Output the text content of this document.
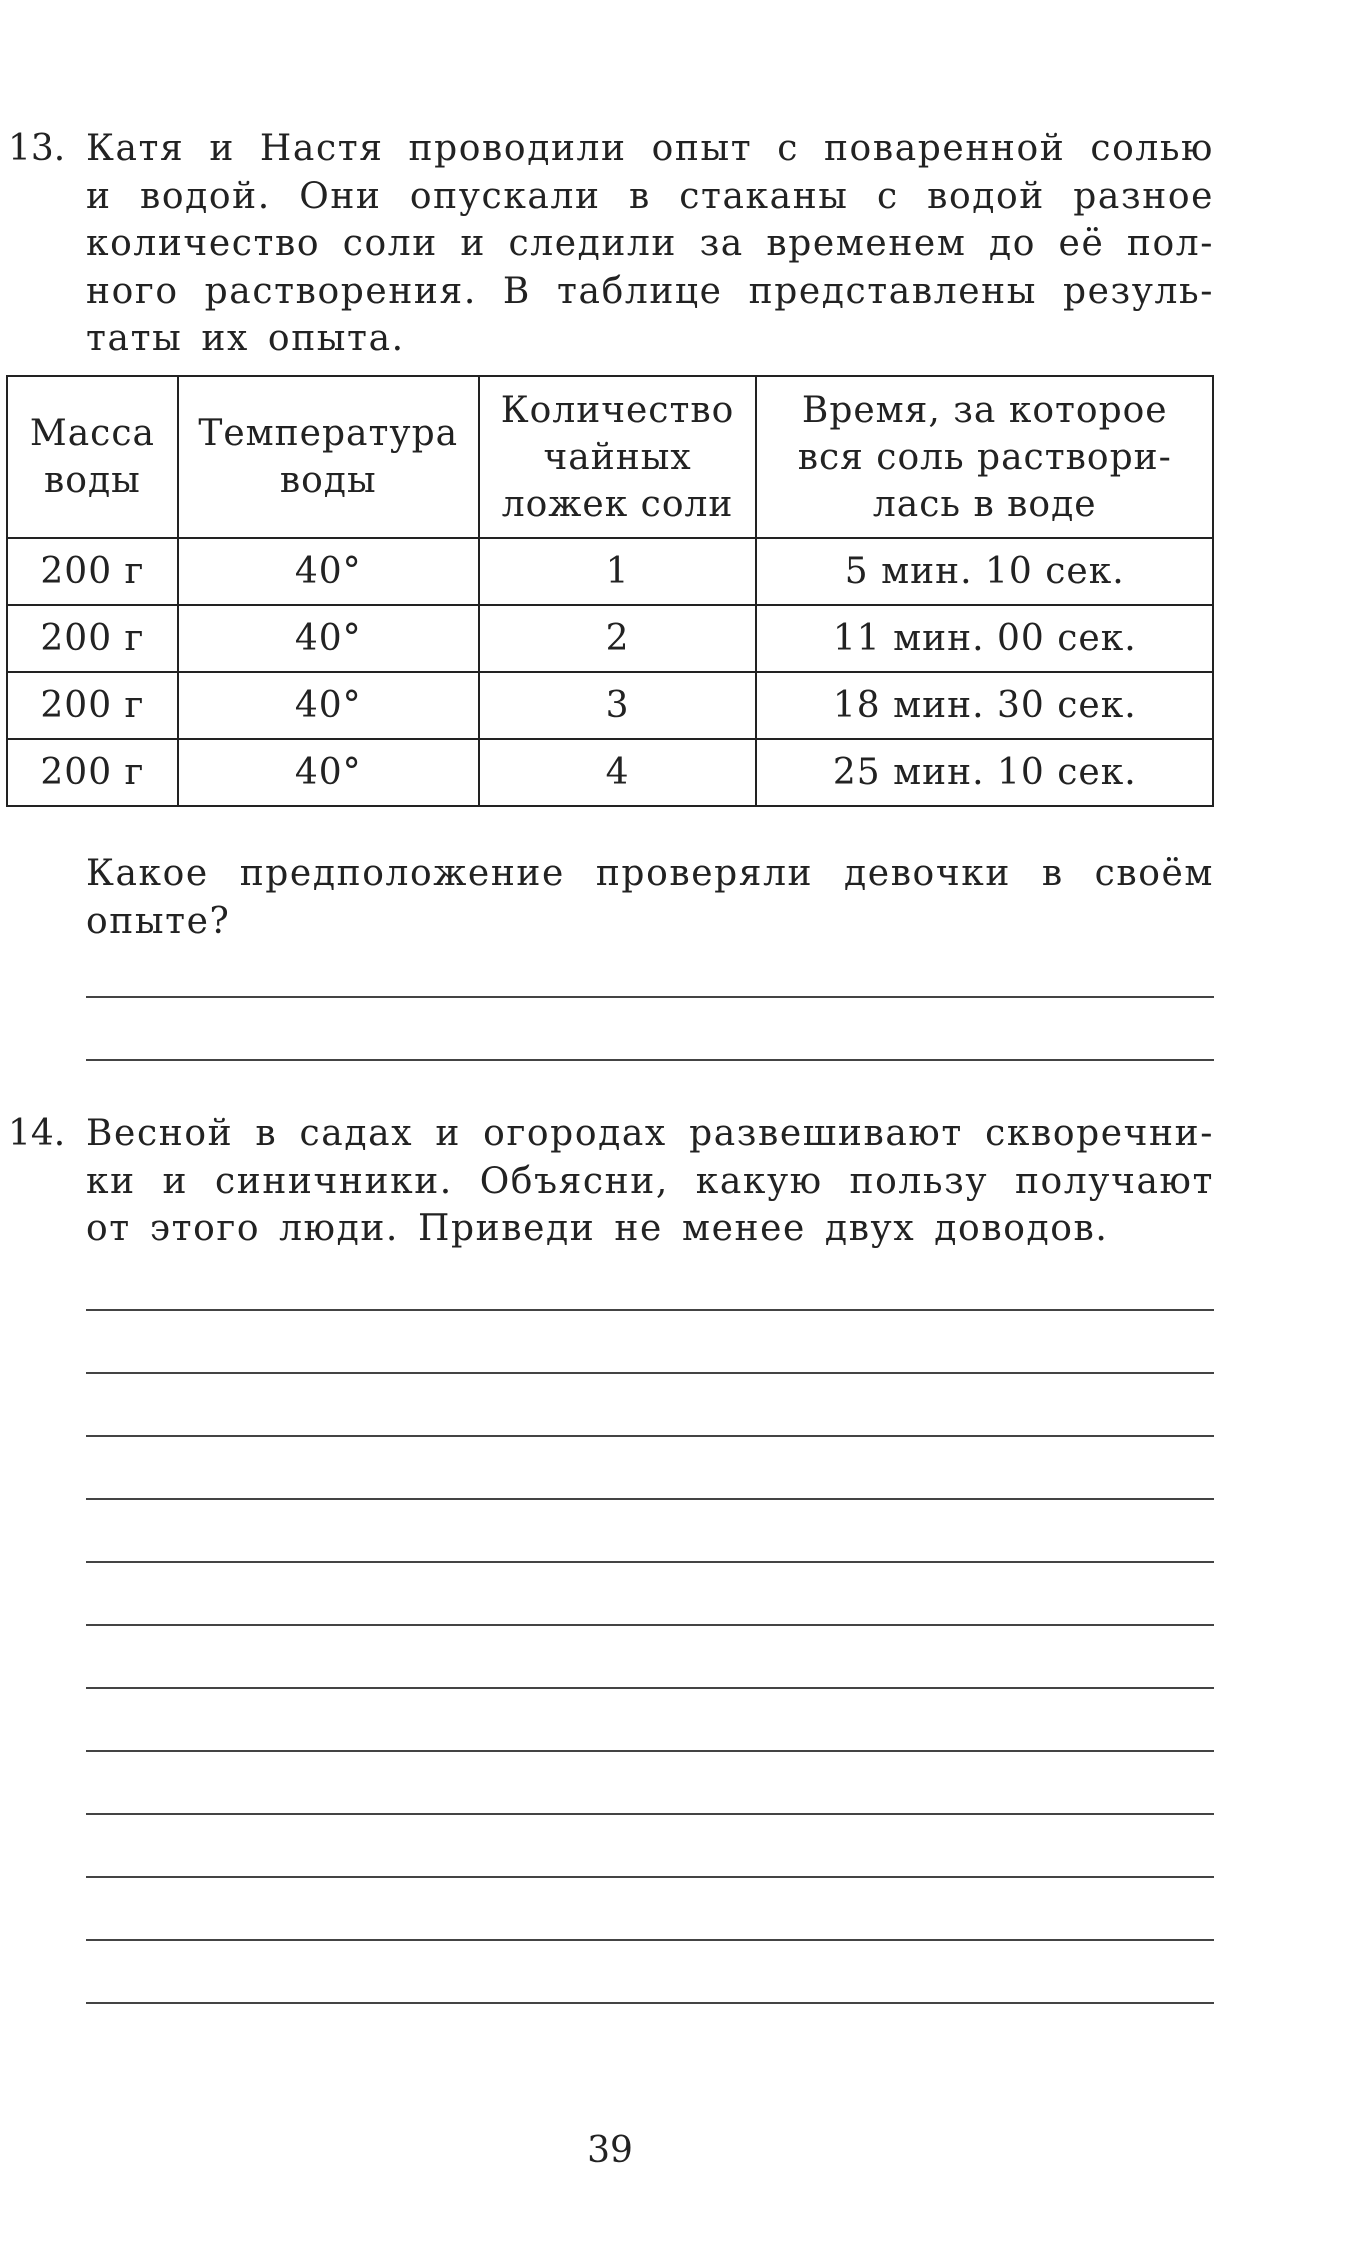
13. Катя и Настя проводили опыт с поваренной солью
и водой. Они опускали в стаканы с водой разное
количество соли и следили за временем до её пол-
ного растворения. В таблице представлены резуль-
таты их опыта.
Масса
воды	Температура
воды	Количество
чайных
ложек соли	Время, за которое
вся соль раствори-
лась в воде

200 г	40°	1	5 мин. 10 сек.
200 г	40°	2	11 мин. 00 сек.
200 г	40°	3	18 мин. 30 сек.
200 г	40°	4	25 мин. 10 сек.
Какое предположение проверяли девочки в своём
опыте?
14. Весной в садах и огородах развешивают скворечни-
ки и синичники. Объясни, какую пользу получают
от этого люди. Приведи не менее двух доводов.
39
